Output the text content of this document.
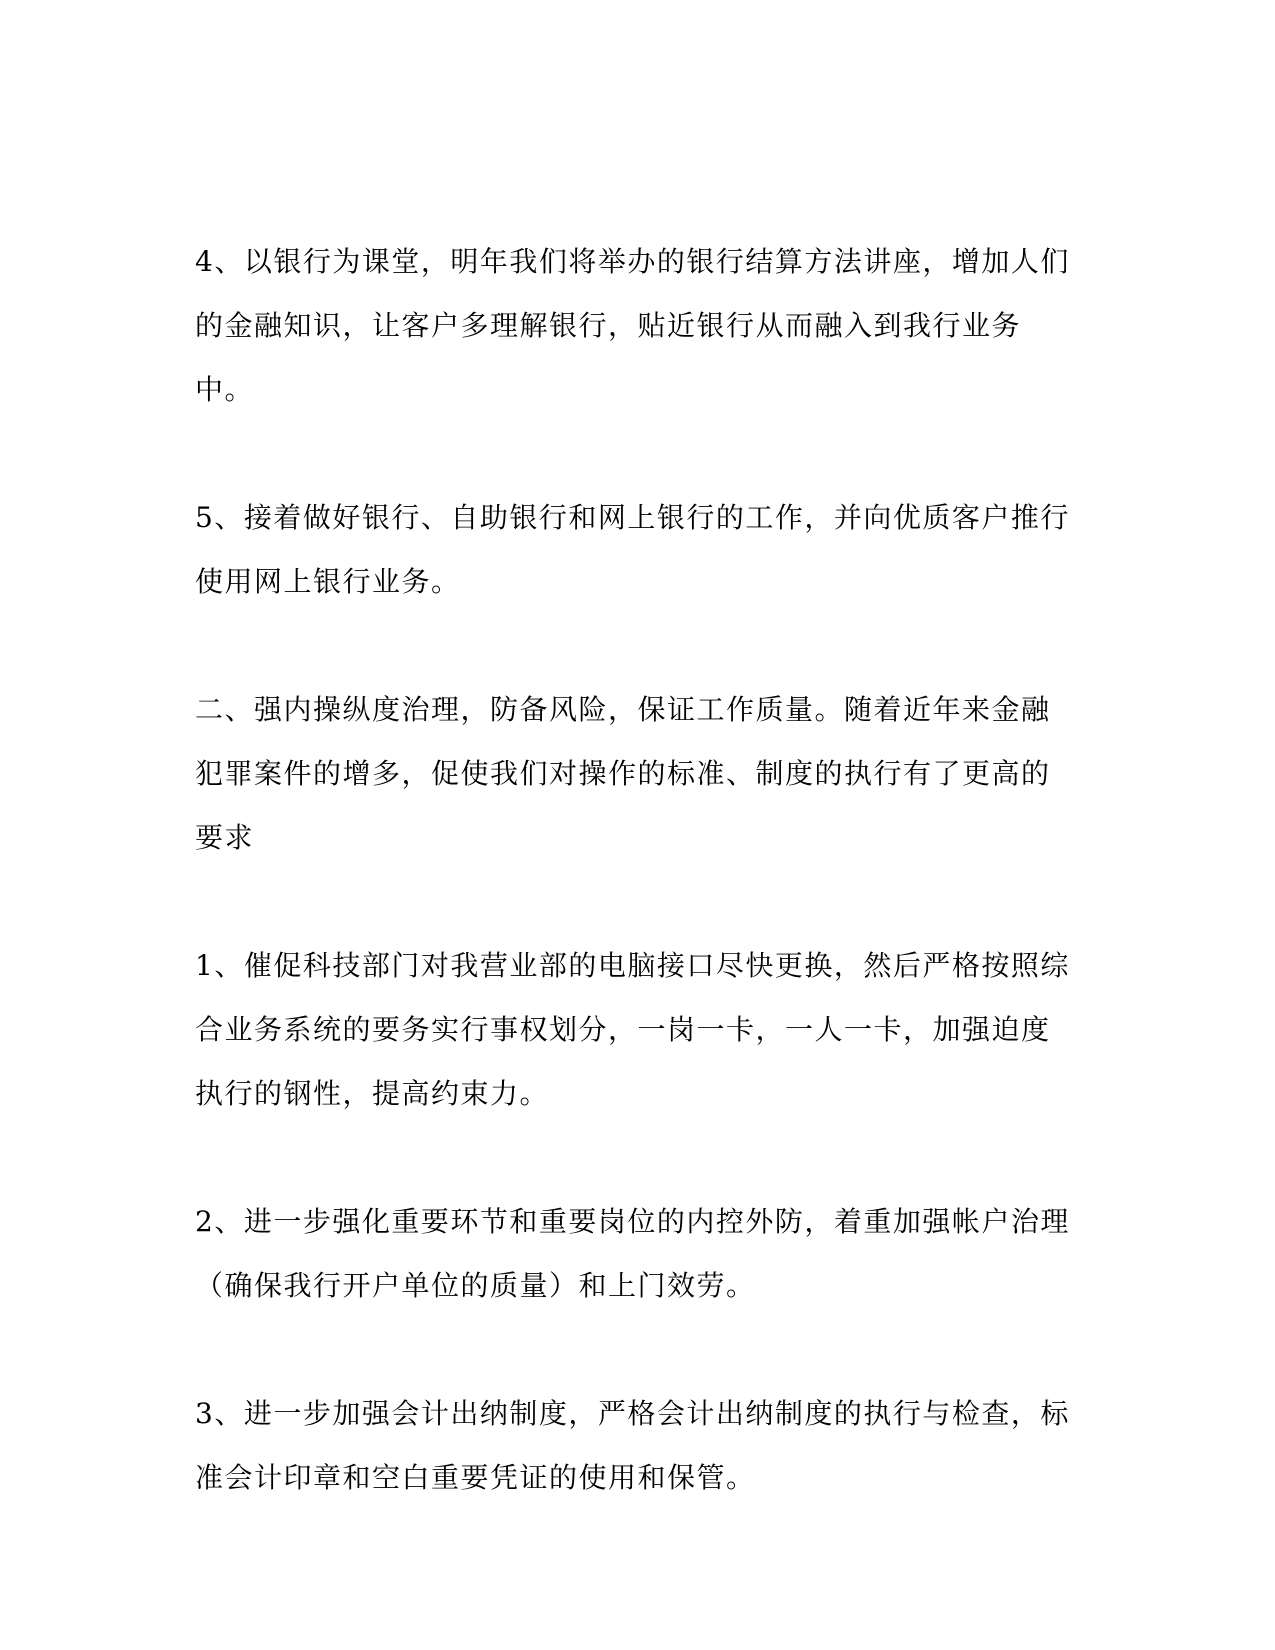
4、以银行为课堂，明年我们将举办的银行结算方法讲座，增加人们的金融知识，让客户多理解银行，贴近银行从而融入到我行业务中。

5、接着做好银行、自助银行和网上银行的工作，并向优质客户推行使用网上银行业务。

二、强内操纵度治理，防备风险，保证工作质量。随着近年来金融犯罪案件的增多，促使我们对操作的标准、制度的执行有了更高的要求

1、催促科技部门对我营业部的电脑接口尽快更换，然后严格按照综合业务系统的要务实行事权划分，一岗一卡，一人一卡，加强迫度执行的钢性，提高约束力。

2、进一步强化重要环节和重要岗位的内控外防，着重加强帐户治理（确保我行开户单位的质量）和上门效劳。

3、进一步加强会计出纳制度，严格会计出纳制度的执行与检查，标准会计印章和空白重要凭证的使用和保管。
